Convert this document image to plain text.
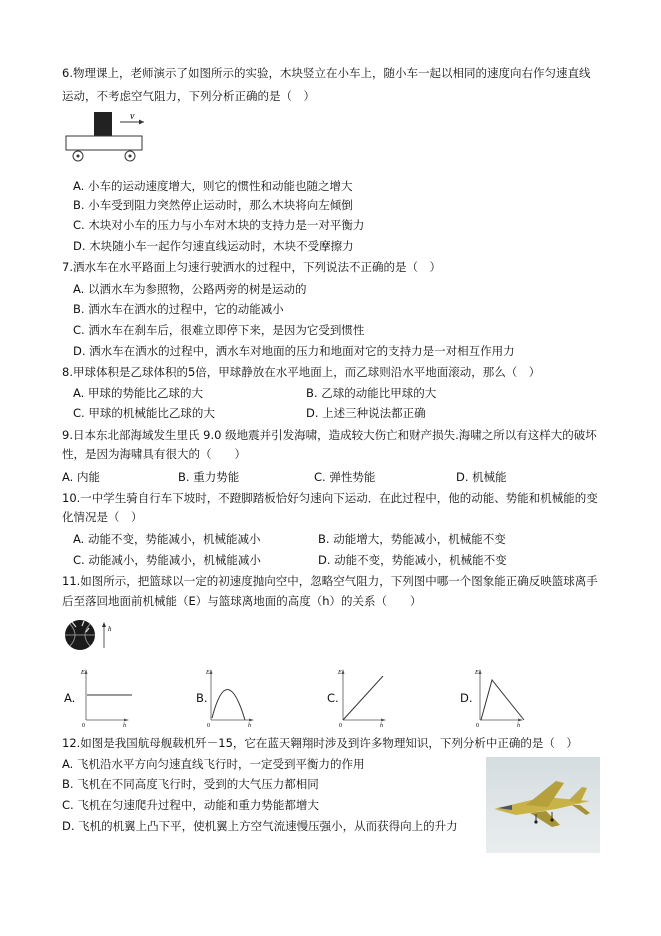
6.物理课上，老师演示了如图所示的实验，木块竖立在小车上，随小车一起以相同的速度向右作匀速直线
运动，不考虑空气阻力，下列分析正确的是（　）
v
A. 小车的运动速度增大，则它的惯性和动能也随之增大
B. 小车受到阻力突然停止运动时，那么木块将向左倾倒
C. 木块对小车的压力与小车对木块的支持力是一对平衡力
D. 木块随小车一起作匀速直线运动时，木块不受摩擦力
7.洒水车在水平路面上匀速行驶洒水的过程中，下列说法不正确的是（　）
A. 以洒水车为参照物，公路两旁的树是运动的
B. 洒水车在洒水的过程中，它的动能减小
C. 洒水车在刹车后，很难立即停下来，是因为它受到惯性
D. 洒水车在洒水的过程中，洒水车对地面的压力和地面对它的支持力是一对相互作用力
8.甲球体积是乙球体积的5倍，甲球静放在水平地面上，而乙球则沿水平地面滚动，那么（　）
A. 甲球的势能比乙球的大	B. 乙球的动能比甲球的大
C. 甲球的机械能比乙球的大	D. 上述三种说法都正确
9.日本东北部海域发生里氏 9.0 级地震并引发海啸，造成较大伤亡和财产损失.海啸之所以有这样大的破坏
性，是因为海啸具有很大的（　　）
A. 内能	B. 重力势能	C. 弹性势能	D. 机械能
10.一中学生骑自行车下坡时，不蹬脚踏板恰好匀速向下运动．在此过程中，他的动能、势能和机械能的变
化情况是（　）
A. 动能不变，势能减小，机械能减小	B. 动能增大，势能减小，机械能不变
C. 动能减小，势能减小，机械能减小	D. 动能不变，势能减小，机械能不变
11.如图所示，把篮球以一定的初速度抛向空中，忽略空气阻力，下列图中哪一个图象能正确反映篮球离手
后至落回地面前机械能（E）与篮球离地面的高度（h）的关系（　　）
h
A.
E
h
0
B.
E
h
0
C.
E
h
0
D.
E
h
0
12.如图是我国航母舰载机歼－15，它在蓝天翱翔时涉及到许多物理知识，下列分析中正确的是（　）
A. 飞机沿水平方向匀速直线飞行时，一定受到平衡力的作用
B. 飞机在不同高度飞行时，受到的大气压力都相同
C. 飞机在匀速爬升过程中，动能和重力势能都增大
D. 飞机的机翼上凸下平，使机翼上方空气流速慢压强小，从而获得向上的升力
